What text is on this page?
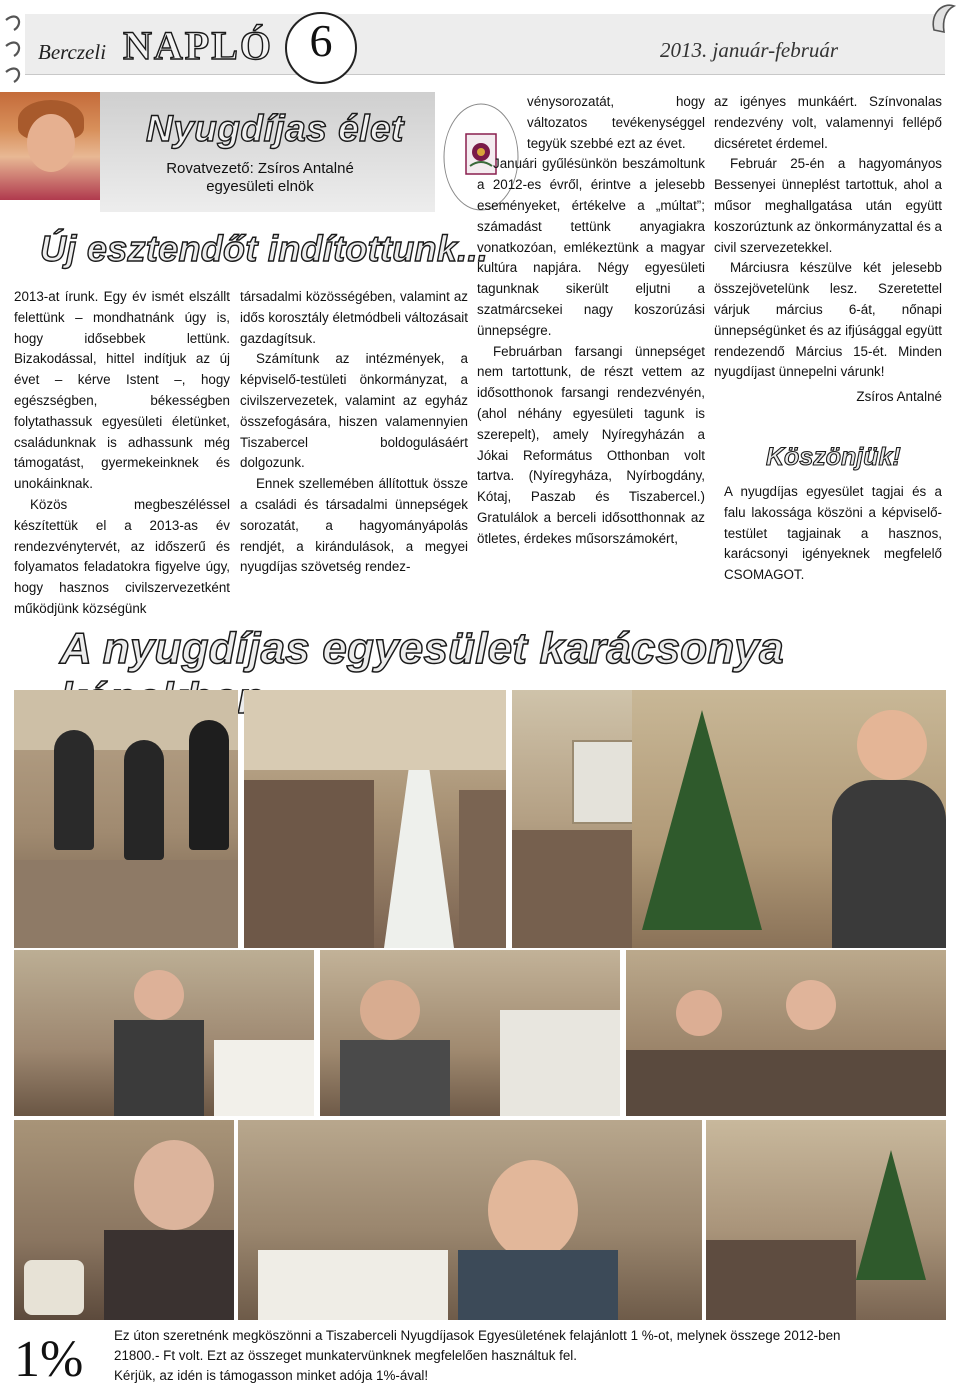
Berczeli NAPLÓ 6	2013. január-február
Nyugdíjas élet
Rovatvezető: Zsíros Antalné
egyesületi elnök
Új esztendőt indítottunk...

2013-at írunk. Egy év ismét elszállt felettünk – mondhatnánk úgy is, hogy idősebbek lettünk. Bizakodással, hittel indítjuk az új évet – kérve Istent –, hogy egészségben, békességben folytathassuk egyesületi életünket, családunknak is adhassunk még támogatást, gyermekeinknek és unokáinknak.

Közös megbeszéléssel készítettük el a 2013-as év rendezvénytervét, az időszerű és folyamatos feladatokra figyelve úgy, hogy hasznos civilszervezetként működjünk községünk

társadalmi közösségében, valamint az idős korosztály életmódbeli változásait gazdagítsuk.

Számítunk az intézmények, a képviselő-testületi önkormányzat, a civilszervezetek, valamint az egyház összefogására, hiszen valamennyien Tiszabercel boldogulásáért dolgozunk.

Ennek szellemében állítottuk össze a családi és társadalmi ünnepségek sorozatát, a hagyományápolás rendjét, a kirándulások, a megyei nyugdíjas szövetség rendez-

vénysorozatát, hogy változatos tevékenységgel tegyük szebbé ezt az évet.

Januári gyűlésünkön beszámoltunk a 2012-es évről, érintve a jelesebb eseményeket, értékelve a „múltat”; számadást tettünk anyagiakra vonatkozóan, emlékeztünk a magyar kultúra napjára. Négy egyesületi tagunknak sikerült eljutni a szatmárcsekei nagy koszorúzási ünnepségre.

Februárban farsangi ünnepséget nem tartottunk, de részt vettem az idősotthonok farsangi rendezvényén, (ahol néhány egyesületi tagunk is szerepelt), amely Nyíregyházán a Jókai Református Otthonban volt tartva. (Nyíregyháza, Nyírbogdány, Kótaj, Paszab és Tiszabercel.) Gratulálok a berceli idősotthonnak az ötletes, érdekes műsorszámokért,

az igényes munkáért. Színvonalas rendezvény volt, valamennyi fellépő dicséretet érdemel.

Február 25-én a hagyományos Bessenyei ünneplést tartottuk, ahol a műsor meghallgatása után együtt koszorúztunk az önkormányzattal és a civil szervezetekkel.

Márciusra készülve két jelesebb összejövetelünk lesz. Szeretettel várjuk március 6-át, nőnapi ünnepségünket és az ifjúsággal együtt rendezendő Március 15-ét. Minden nyugdíjast ünnepelni várunk!

Zsíros Antalné

Köszönjük!
A nyugdíjas egyesület tagjai és a falu lakossága köszöni a képviselő-testület tagjainak a hasznos, karácsonyi igényeknek megfelelő CSOMAGOT.
A nyugdíjas egyesület karácsonya
1% Ez úton szeretnénk megköszönni a Tiszaberceli Nyugdíjasok Egyesületének felajánlott 1 %-ot, melynek összege 2012-ben

21800.- Ft volt. Ezt az összeget munkatervünknek megfelelően használtuk fel.

Kérjük, az idén is támogasson minket adója 1%-ával!
